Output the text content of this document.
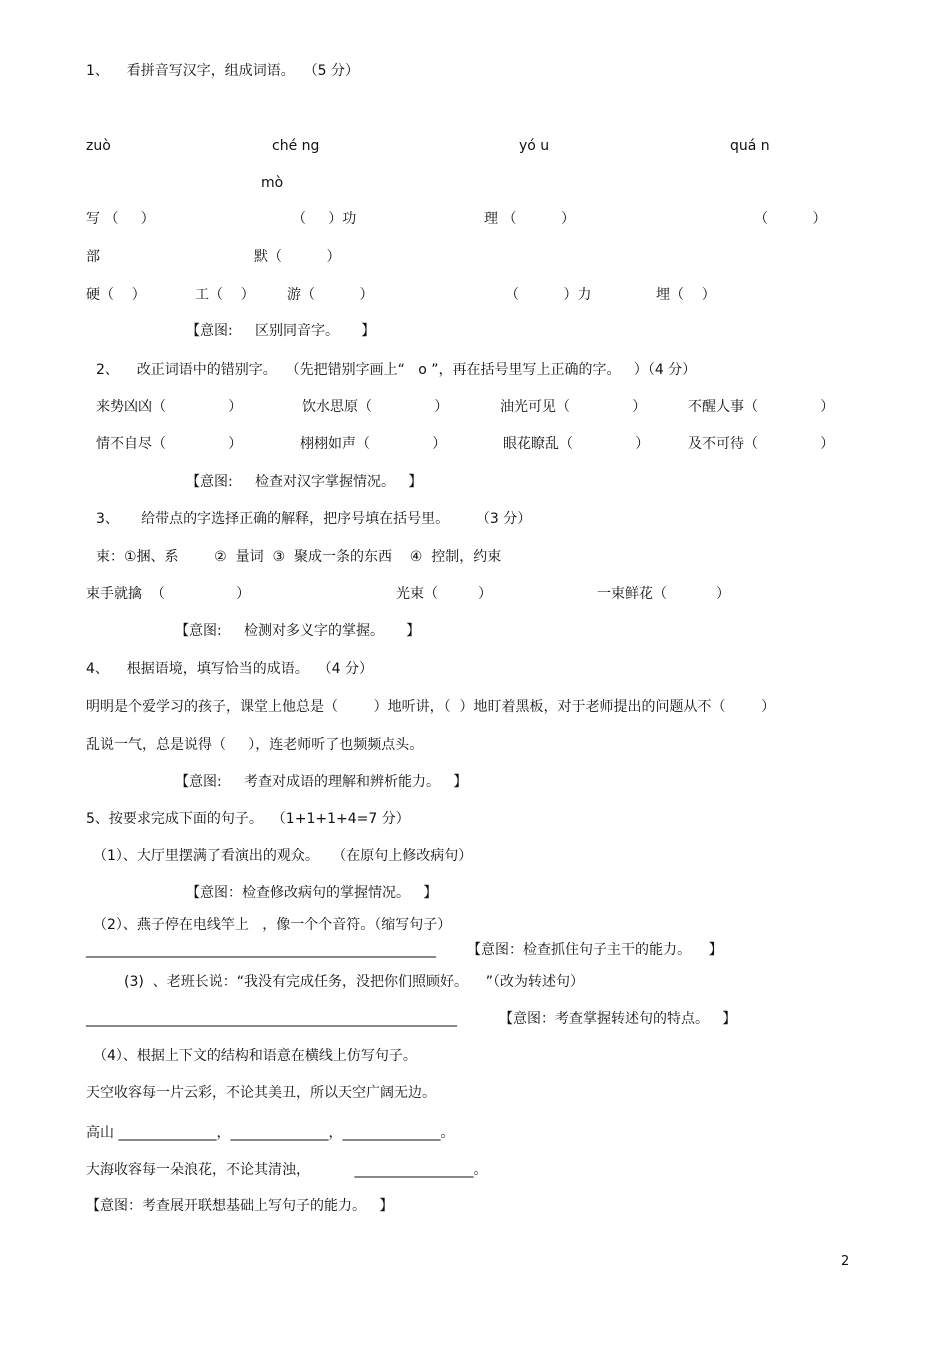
1、    看拼音写汉字，组成词语。  （5 分）
zuò	ché ng	yó u	quá n
mò
写 （     ）	（     ）功	理 （          ）	（          ）
部	默（          ）
硬（    ）	工（    ） 游（          ）	（          ）力	埋（    ）
【意图:     区别同音字。     】
2、    改正词语中的错别字。  （先把错别字画上“   o ”，再在括号里写上正确的字。   ）（4 分）
来势凶凶（              ）	饮水思原（              ）	油光可见（              ）	不醒人事（              ）
情不自尽（              ）	栩栩如声（              ）	眼花瞭乱（              ）	及不可待（              ）
【意图:     检查对汉字掌握情况。   】
3、     给带点的字选择正确的解释，把序号填在括号里。      （3 分）
束：①捆、系        ②  量词  ③  聚成一条的东西    ④  控制，约束
束手就擒  （                ）	光束（         ）	一束鲜花（           ）
【意图:     检测对多义字的掌握。     】
4、    根据语境，填写恰当的成语。  （4 分）
明明是个爱学习的孩子，课堂上他总是（        ）地听讲，（  ）地盯着黑板，对于老师提出的问题从不（        ）
乱说一气，总是说得（     ），连老师听了也频频点头。
【意图:     考查对成语的理解和辨析能力。   】
5、按要求完成下面的句子。  （1+1+1+4=7 分）
（1）、大厅里摆满了看演出的观众。   （在原句上修改病句）
【意图：检查修改病句的掌握情况。   】
（2）、燕子停在电线竿上   ，像一个个音符。（缩写句子）
__________________________________________________ 【意图：检查抓住句子主干的能力。    】
(3)  、老班长说：“我没有完成任务，没把你们照顾好。    ”（改为转述句）
_____________________________________________________	【意图：考查掌握转述句的特点。   】
（4）、根据上下文的结构和语意在横线上仿写句子。
天空收容每一片云彩，不论其美丑，所以天空广阔无边。
高山 ______________，______________，______________。
大海收容每一朵浪花，不论其清浊，          _________________。
【意图：考查展开联想基础上写句子的能力。   】
2
